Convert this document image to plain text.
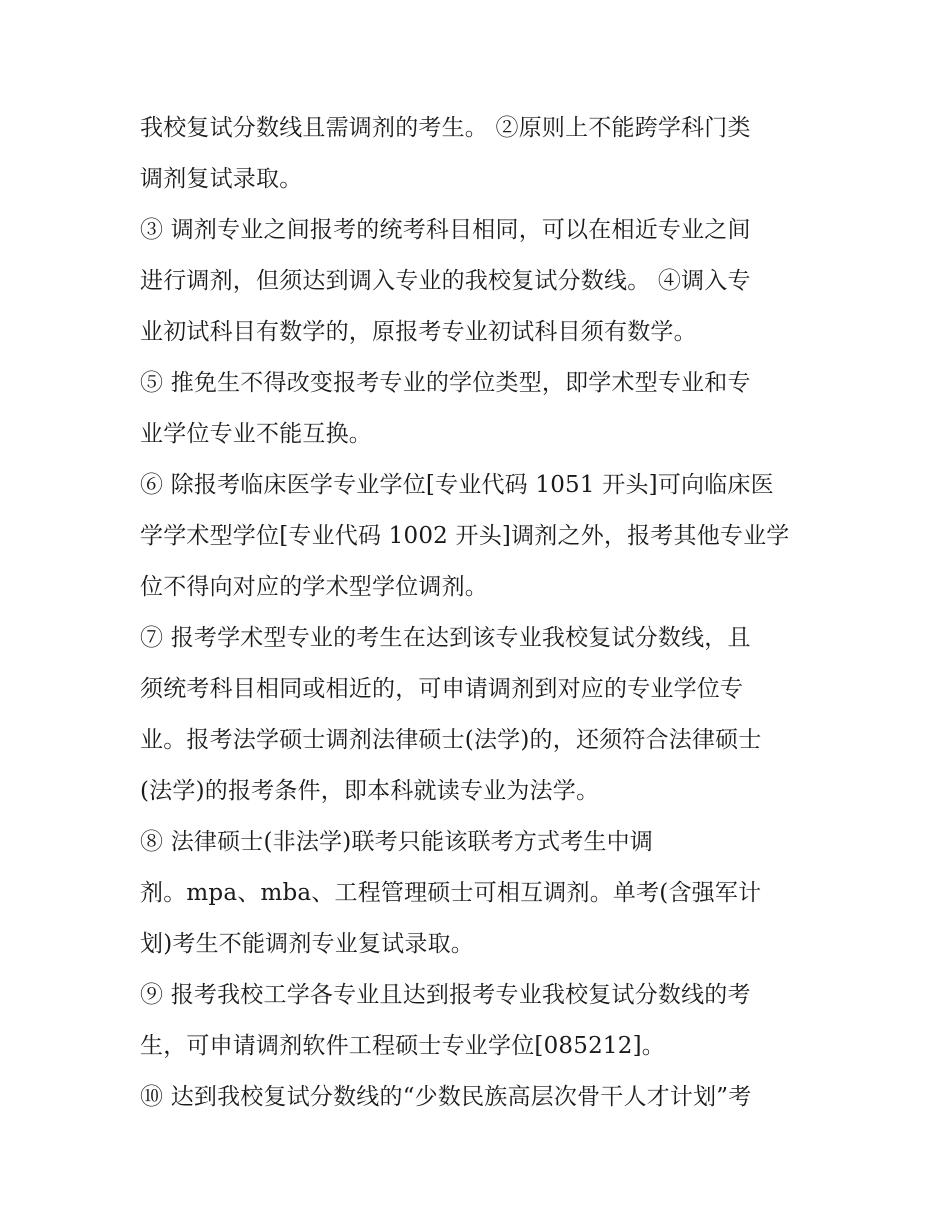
我校复试分数线且需调剂的考生。 ②原则上不能跨学科门类
调剂复试录取。
③ 调剂专业之间报考的统考科目相同，可以在相近专业之间
进行调剂，但须达到调入专业的我校复试分数线。 ④调入专
业初试科目有数学的，原报考专业初试科目须有数学。
⑤ 推免生不得改变报考专业的学位类型，即学术型专业和专
业学位专业不能互换。
⑥ 除报考临床医学专业学位[专业代码 1051 开头]可向临床医
学学术型学位[专业代码 1002 开头]调剂之外，报考其他专业学
位不得向对应的学术型学位调剂。
⑦ 报考学术型专业的考生在达到该专业我校复试分数线，且
须统考科目相同或相近的，可申请调剂到对应的专业学位专
业。报考法学硕士调剂法律硕士(法学)的，还须符合法律硕士
(法学)的报考条件，即本科就读专业为法学。
⑧ 法律硕士(非法学)联考只能该联考方式考生中调
剂。mpa、mba、工程管理硕士可相互调剂。单考(含强军计
划)考生不能调剂专业复试录取。
⑨ 报考我校工学各专业且达到报考专业我校复试分数线的考
生，可申请调剂软件工程硕士专业学位[085212]。
⑩ 达到我校复试分数线的“少数民族高层次骨干人才计划”考
